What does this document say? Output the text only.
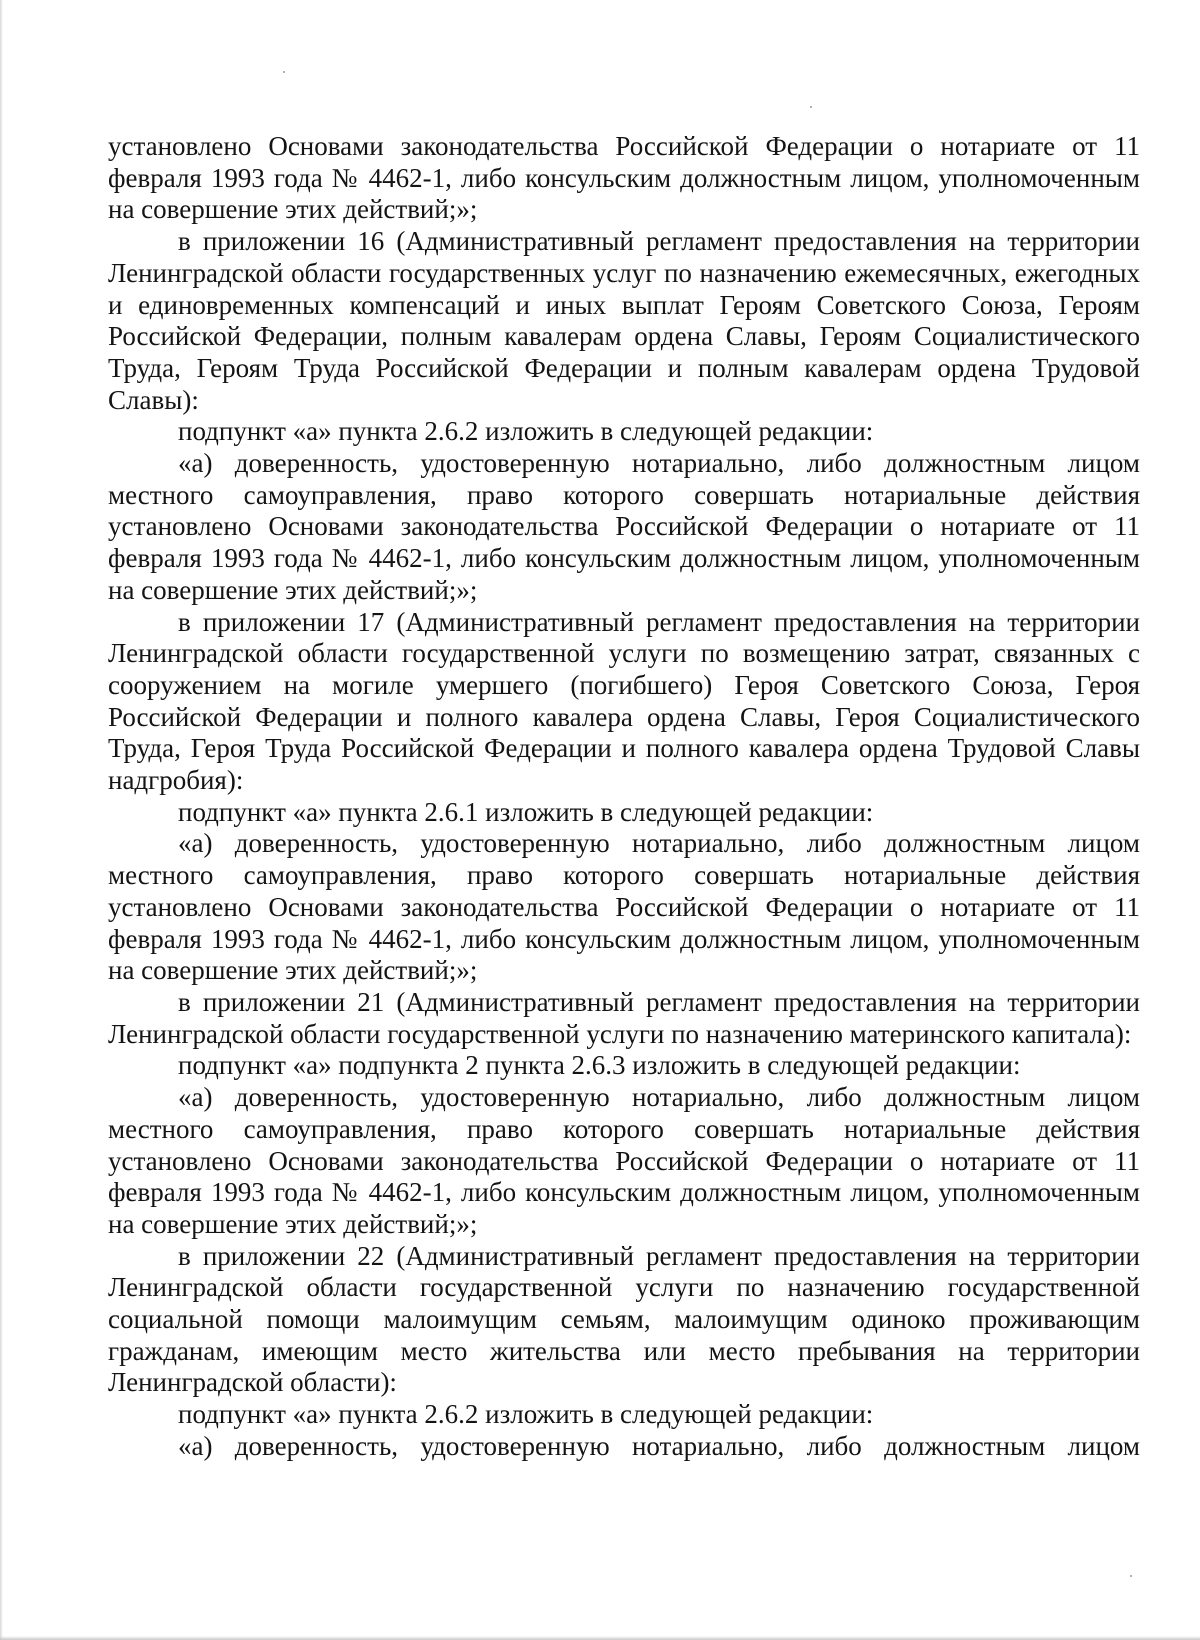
установлено Основами законодательства Российской Федерации о нотариате от 11 февраля 1993 года № 4462-1, либо консульским должностным лицом, уполномоченным на совершение этих действий;»;

в приложении 16 (Административный регламент предоставления на территории Ленинградской области государственных услуг по назначению ежемесячных, ежегодных и единовременных компенсаций и иных выплат Героям Советского Союза, Героям Российской Федерации, полным кавалерам ордена Славы, Героям Социалистического Труда, Героям Труда Российской Федерации и полным кавалерам ордена Трудовой Славы):

подпункт «а» пункта 2.6.2 изложить в следующей редакции:

«а) доверенность, удостоверенную нотариально, либо должностным лицом местного самоуправления, право которого совершать нотариальные действия установлено Основами законодательства Российской Федерации о нотариате от 11 февраля 1993 года № 4462-1, либо консульским должностным лицом, уполномоченным на совершение этих действий;»;

в приложении 17 (Административный регламент предоставления на территории Ленинградской области государственной услуги по возмещению затрат, связанных с сооружением на могиле умершего (погибшего) Героя Советского Союза, Героя Российской Федерации и полного кавалера ордена Славы, Героя Социалистического Труда, Героя Труда Российской Федерации и полного кавалера ордена Трудовой Славы надгробия):

подпункт «а» пункта 2.6.1 изложить в следующей редакции:

«а) доверенность, удостоверенную нотариально, либо должностным лицом местного самоуправления, право которого совершать нотариальные действия установлено Основами законодательства Российской Федерации о нотариате от 11 февраля 1993 года № 4462-1, либо консульским должностным лицом, уполномоченным на совершение этих действий;»;

в приложении 21 (Административный регламент предоставления на территории Ленинградской области государственной услуги по назначению материнского капитала):

подпункт «а» подпункта 2 пункта 2.6.3 изложить в следующей редакции:

«а) доверенность, удостоверенную нотариально, либо должностным лицом местного самоуправления, право которого совершать нотариальные действия установлено Основами законодательства Российской Федерации о нотариате от 11 февраля 1993 года № 4462-1, либо консульским должностным лицом, уполномоченным на совершение этих действий;»;

в приложении 22 (Административный регламент предоставления на территории Ленинградской области государственной услуги по назначению государственной социальной помощи малоимущим семьям, малоимущим одиноко проживающим гражданам, имеющим место жительства или место пребывания на территории Ленинградской области):

подпункт «а» пункта 2.6.2 изложить в следующей редакции:

«а) доверенность, удостоверенную нотариально, либо должностным лицом
